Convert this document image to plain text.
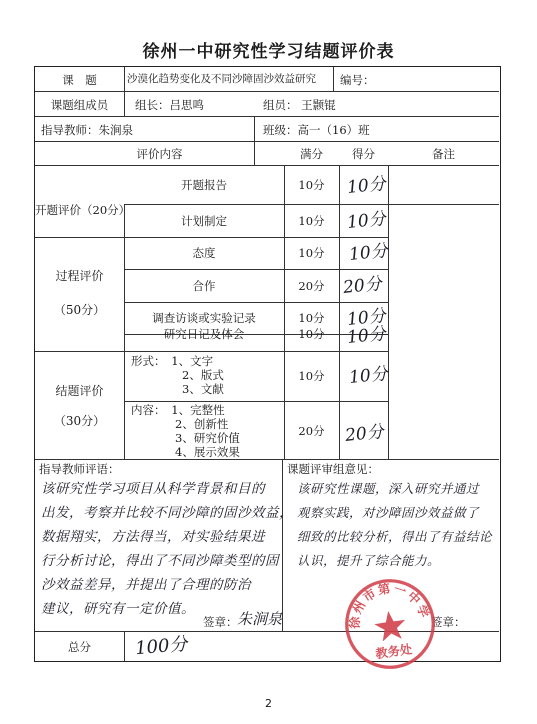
徐州一中研究性学习结题评价表
课　题	沙漠化趋势变化及不同沙障固沙效益研究 编号：
课题组成员	组长：吕思鸣	组员： 王颢锟
指导教师：朱涧泉	班级：高一（16）班
评价内容	满分	得分	备注
开题评价（20分）
开题报告	10分	10分
计划制定	10分	10分
过程评价
（50分）
态度	10分	10分
合作	20分	20分
调查访谈或实验记录	10分	10分
研究日记及体会	10分	10分
结题评价
（30分）
形式：　1、文字
2、版式
3、文献
10分	10分
内容：　1、完整性
2、创新性
3、研究价值
4、展示效果
20分	20分
指导教师评语：
该研究性学习项目从科学背景和目的
出发，考察并比较不同沙障的固沙效益，
数据翔实，方法得当，对实验结果进
行分析讨论，得出了不同沙障类型的固
沙效益差异，并提出了合理的防治
建议，研究有一定价值。
签章： 朱涧泉
课题评审组意见：
该研究性课题，深入研究并通过
观察实践，对沙障固沙效益做了
细致的比较分析，得出了有益结论
认识，提升了综合能力。
签章：
总分	100分
徐州市第一中学
教务处
2
